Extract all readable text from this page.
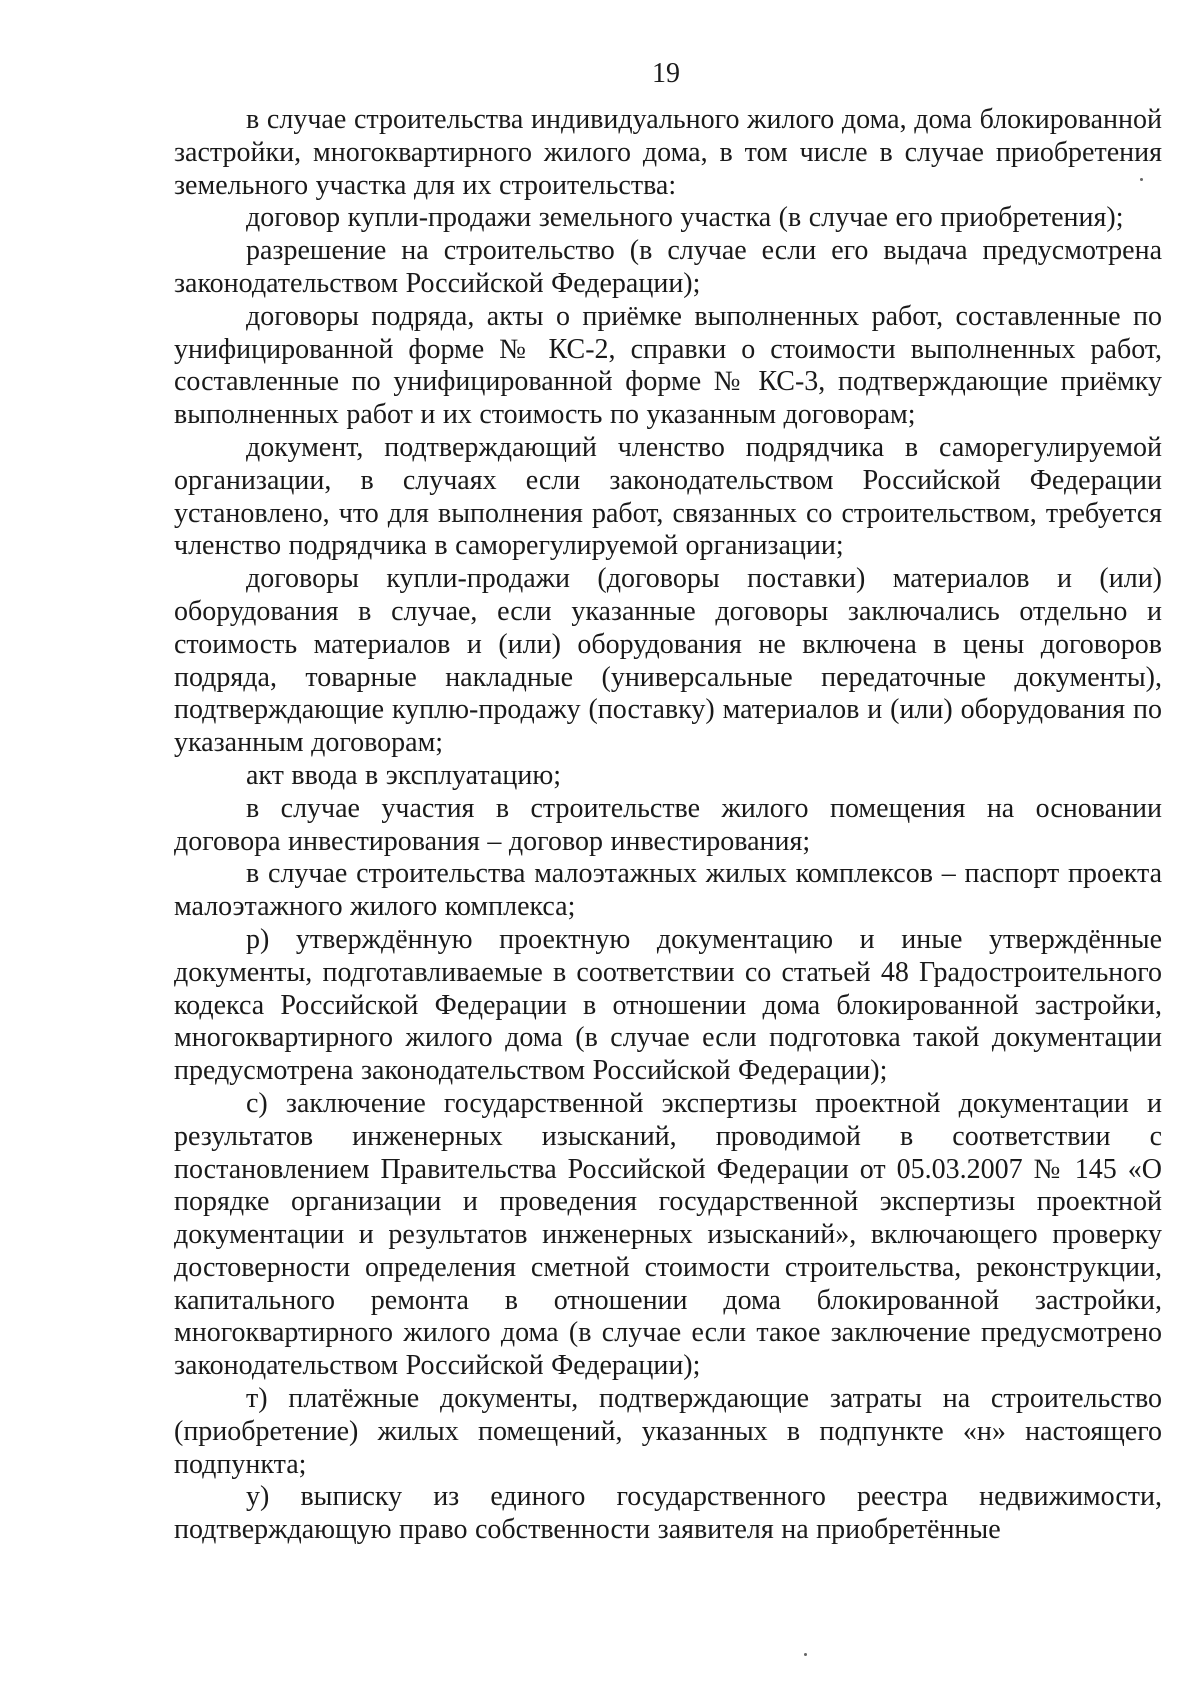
19

в случае строительства индивидуального жилого дома, дома блокированной застройки, многоквартирного жилого дома, в том числе в случае приобретения земельного участка для их строительства:

договор купли-продажи земельного участка (в случае его приобретения);

разрешение на строительство (в случае если его выдача предусмотрена законодательством Российской Федерации);

договоры подряда, акты о приёмке выполненных работ, составленные по унифицированной форме № КС-2, справки о стоимости выполненных работ, составленные по унифицированной форме № КС-3, подтверждающие приёмку выполненных работ и их стоимость по указанным договорам;

документ, подтверждающий членство подрядчика в саморегулируемой организации, в случаях если законодательством Российской Федерации установлено, что для выполнения работ, связанных со строительством, требуется членство подрядчика в саморегулируемой организации;

договоры купли-продажи (договоры поставки) материалов и (или) оборудования в случае, если указанные договоры заключались отдельно и стоимость материалов и (или) оборудования не включена в цены договоров подряда, товарные накладные (универсальные передаточные документы), подтверждающие куплю-продажу (поставку) материалов и (или) оборудования по указанным договорам;

акт ввода в эксплуатацию;

в случае участия в строительстве жилого помещения на основании договора инвестирования – договор инвестирования;

в случае строительства малоэтажных жилых комплексов – паспорт проекта малоэтажного жилого комплекса;

р) утверждённую проектную документацию и иные утверждённые документы, подготавливаемые в соответствии со статьей 48 Градостроительного кодекса Российской Федерации в отношении дома блокированной застройки, многоквартирного жилого дома (в случае если подготовка такой документации предусмотрена законодательством Российской Федерации);

с) заключение государственной экспертизы проектной документации и результатов инженерных изысканий, проводимой в соответствии с постановлением Правительства Российской Федерации от 05.03.2007 № 145 «О порядке организации и проведения государственной экспертизы проектной документации и результатов инженерных изысканий», включающего проверку достоверности определения сметной стоимости строительства, реконструкции, капитального ремонта в отношении дома блокированной застройки, многоквартирного жилого дома (в случае если такое заключение предусмотрено законодательством Российской Федерации);

т) платёжные документы, подтверждающие затраты на строительство (приобретение) жилых помещений, указанных в подпункте «н» настоящего подпункта;

у) выписку из единого государственного реестра недвижимости, подтверждающую право собственности заявителя на приобретённые
